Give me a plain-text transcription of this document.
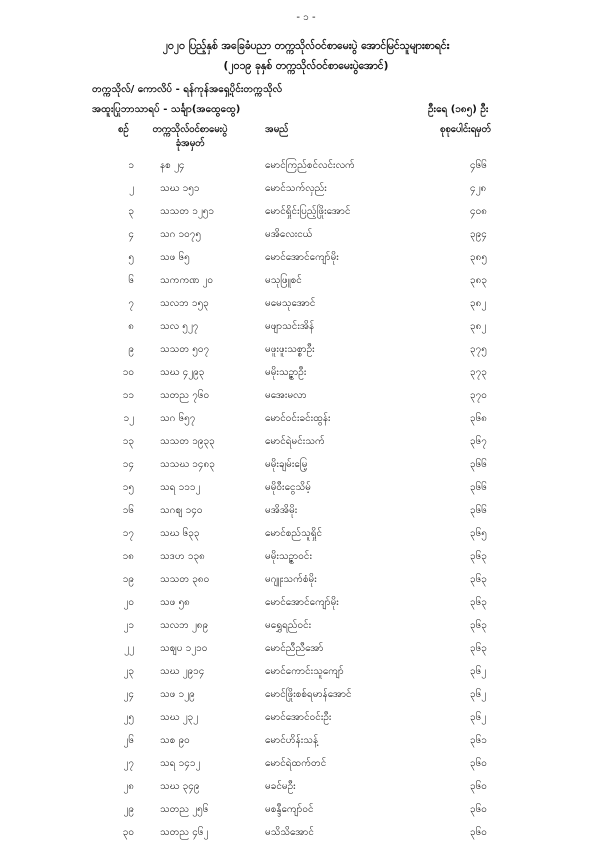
- ၁ -
၂၀၂၀ ပြည့်နှစ် အခြေခံပညာ တက္ကသိုလ်ဝင်စာမေးပွဲ အောင်မြင်သူများစာရင်း
(၂၀၁၉ ခုနှစ် တက္ကသိုလ်ဝင်စာမေးပွဲအောင်)
တက္ကသိုလ်/ ကောလိပ် - ရန်ကုန်အရှေ့ပိုင်းတက္ကသိုလ်
အထူးပြုဘာသာရပ် - သင်္ချာ(အထွေထွေ)	ဦးရေ (၁၈၅) ဦး
စဉ်	တက္ကသိုလ်ဝင်စာမေးပွဲ
ခုံအမှတ်
အမည်	စုစုပေါင်းရမှတ်
၁	နစ ၂၄	မောင်ကြည်စင်လင်းလက်	၄၆၆
၂	သဃ ၁၅၁	မောင်သက်လှည်း	၄၂၈
၃	သသတ ၁၂၅၁	မောင်ရှိုင်းပြည့်ဖြိုးအောင်	၄၀၈
၄	သဂ ၁၀၇၅	မအိလေးငယ်	၃၉၄
၅	သဖ ၆၅	မောင်အောင်ကျော်မိုး	၃၈၅
၆	သကကဏ ၂၀	မသုဖြူစင်	၃၈၃
၇	သလဘ ၁၅၃	မမေသုအောင်	၃၈၂
၈	သလ ၅၂၇	မဖျာသင်းအိန်	၃၈၂
၉	သသတ ၅၀၇	မဖူးဖူးသစ္စာဦး	၃၇၅
၁၀	သဃ ၄၂၉၃	မမိုးသဉ္ဇာဦး	၃၇၃
၁၁	သတည ၇၆၀	မအေးမလာ	၃၇၀
၁၂	သဂ ၆၅၇	မောင်ဝင်းခင်းထွန်း	၃၆၈
၁၃	သသတ ၁၉၃၃	မောင်ရဲမင်းသက်	၃၆၇
၁၄	သသဃ ၁၄၈၃	မမိုးချမ်းမြေ့	၃၆၆
၁၅	သရ ၁၁၁၂	မမိုဝီးငွေသိမ့်	၃၆၆
၁၆	သဂဈ ၁၄၀	မအိအိမိုး	၃၆၆
၁၇	သဃ ၆၃၃	မောင်စည်သူရှိုင်	၃၆၅
၁၈	သဒဟ ၁၃၈	မမိုးသဉ္ဇာဝင်း	၃၆၃
၁၉	သသတ ၃၈၀	မဂျူးသက်စံမိုး	၃၆၃
၂၀	သဖ ၅၈	မောင်အောင်ကျော်မိုး	၃၆၃
၂၁	သလဘ ၂၈၉	မရွှေရည်ဝင်း	၃၆၃
၂၂	သဈပ ၁၂၁၀	မောင်ညီညီအော်	၃၆၃
၂၃	သဃ ၂၉၁၄	မောင်ကောင်းသူကျော်	၃၆၂
၂၄	သဖ ၁၂၉	မောင်ဖြိုးစစ်ရမာန်အောင်	၃၆၂
၂၅	သဃ ၂၃၂	မောင်အောင်ဝင်းဦး	၃၆၂
၂၆	သစ ၉၀	မောင်ဟိန်းသန့်	၃၆၁
၂၇	သရ ၁၄၁၂	မောင်ရဲထက်တင်	၃၆၀
၂၈	သဃ ၃၄၉	မခင်မဦး	၃၆၀
၂၉	သတည ၂၅၆	မစန္ဒီကျော်ဝင်	၃၆၀
၃၀	သတည ၄၆၂	မသိသိအောင်	၃၆၀
